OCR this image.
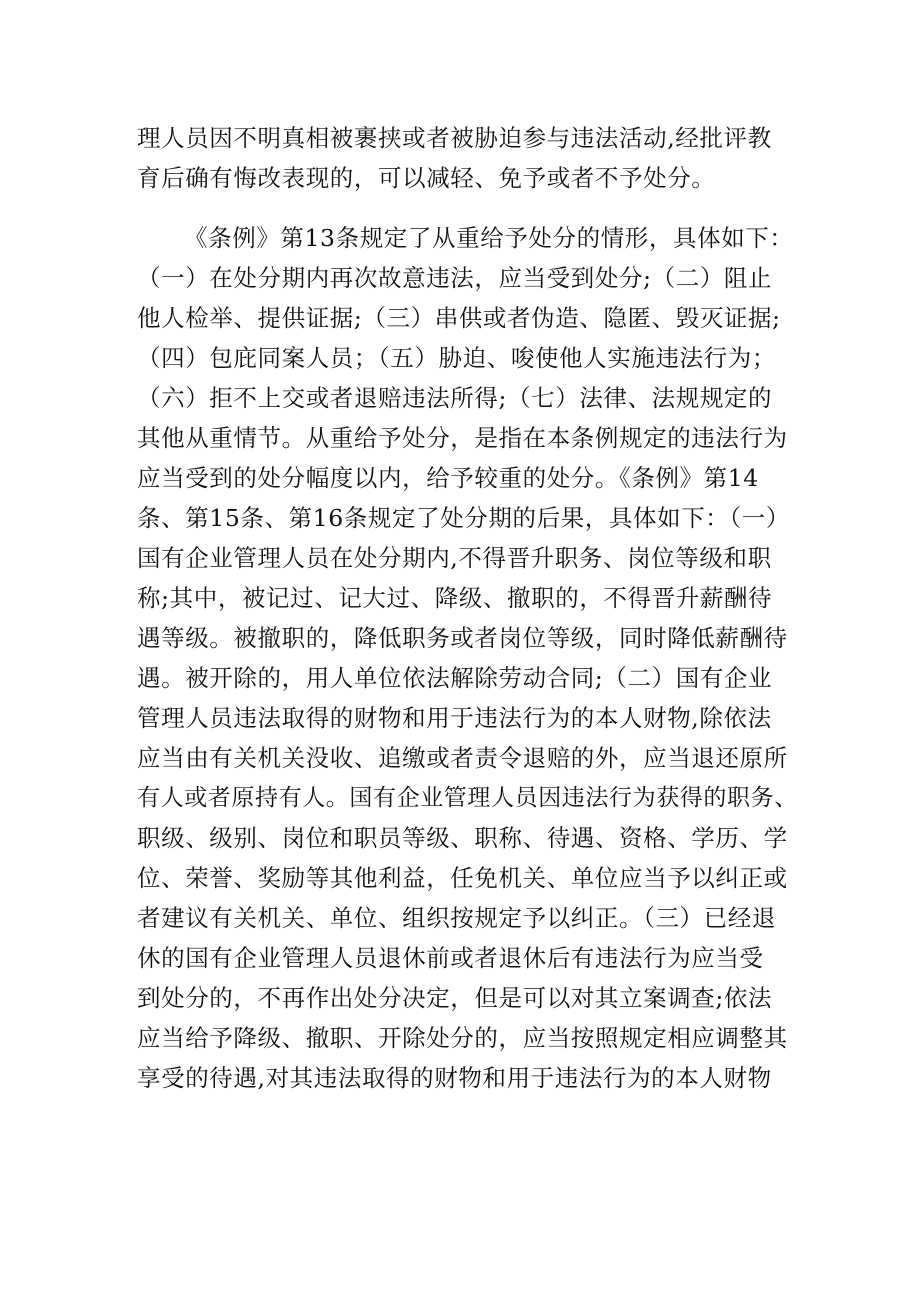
理人员因不明真相被裹挟或者被胁迫参与违法活动,经批评教
育后确有悔改表现的，可以减轻、免予或者不予处分。
《条例》第13条规定了从重给予处分的情形，具体如下：
（一）在处分期内再次故意违法，应当受到处分;（二）阻止
他人检举、提供证据;（三）串供或者伪造、隐匿、毁灭证据;
（四）包庇同案人员；（五）胁迫、唆使他人实施违法行为；
（六）拒不上交或者退赔违法所得;（七）法律、法规规定的
其他从重情节。从重给予处分，是指在本条例规定的违法行为
应当受到的处分幅度以内，给予较重的处分。《条例》第14
条、第15条、第16条规定了处分期的后果，具体如下：（一）
国有企业管理人员在处分期内,不得晋升职务、岗位等级和职
称;其中，被记过、记大过、降级、撤职的，不得晋升薪酬待
遇等级。被撤职的，降低职务或者岗位等级，同时降低薪酬待
遇。被开除的，用人单位依法解除劳动合同;（二）国有企业
管理人员违法取得的财物和用于违法行为的本人财物,除依法
应当由有关机关没收、追缴或者责令退赔的外，应当退还原所
有人或者原持有人。国有企业管理人员因违法行为获得的职务、
职级、级别、岗位和职员等级、职称、待遇、资格、学历、学
位、荣誉、奖励等其他利益，任免机关、单位应当予以纠正或
者建议有关机关、单位、组织按规定予以纠正。（三）已经退
休的国有企业管理人员退休前或者退休后有违法行为应当受
到处分的，不再作出处分决定，但是可以对其立案调查;依法
应当给予降级、撤职、开除处分的，应当按照规定相应调整其
享受的待遇,对其违法取得的财物和用于违法行为的本人财物
